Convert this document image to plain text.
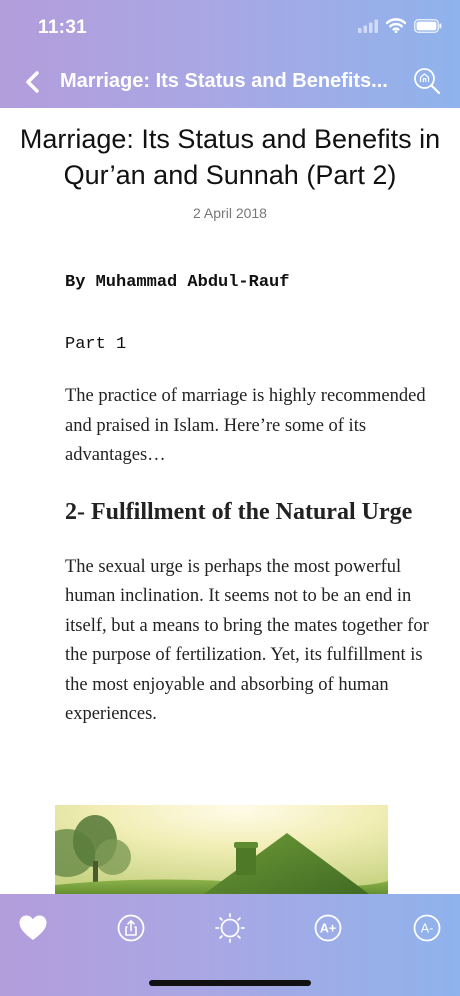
11:31
Marriage: Its Status and Benefits...
Marriage: Its Status and Benefits in Qur’an and Sunnah (Part 2)
2 April 2018
By Muhammad Abdul-Rauf
Part 1
The practice of marriage is highly recommended and praised in Islam. Here’re some of its advantages…
2- Fulfillment of the Natural Urge
The sexual urge is perhaps the most powerful human inclination. It seems not to be an end in itself, but a means to bring the mates together for the purpose of fertilization. Yet, its fulfillment is the most enjoyable and absorbing of human experiences.
A+	A-
